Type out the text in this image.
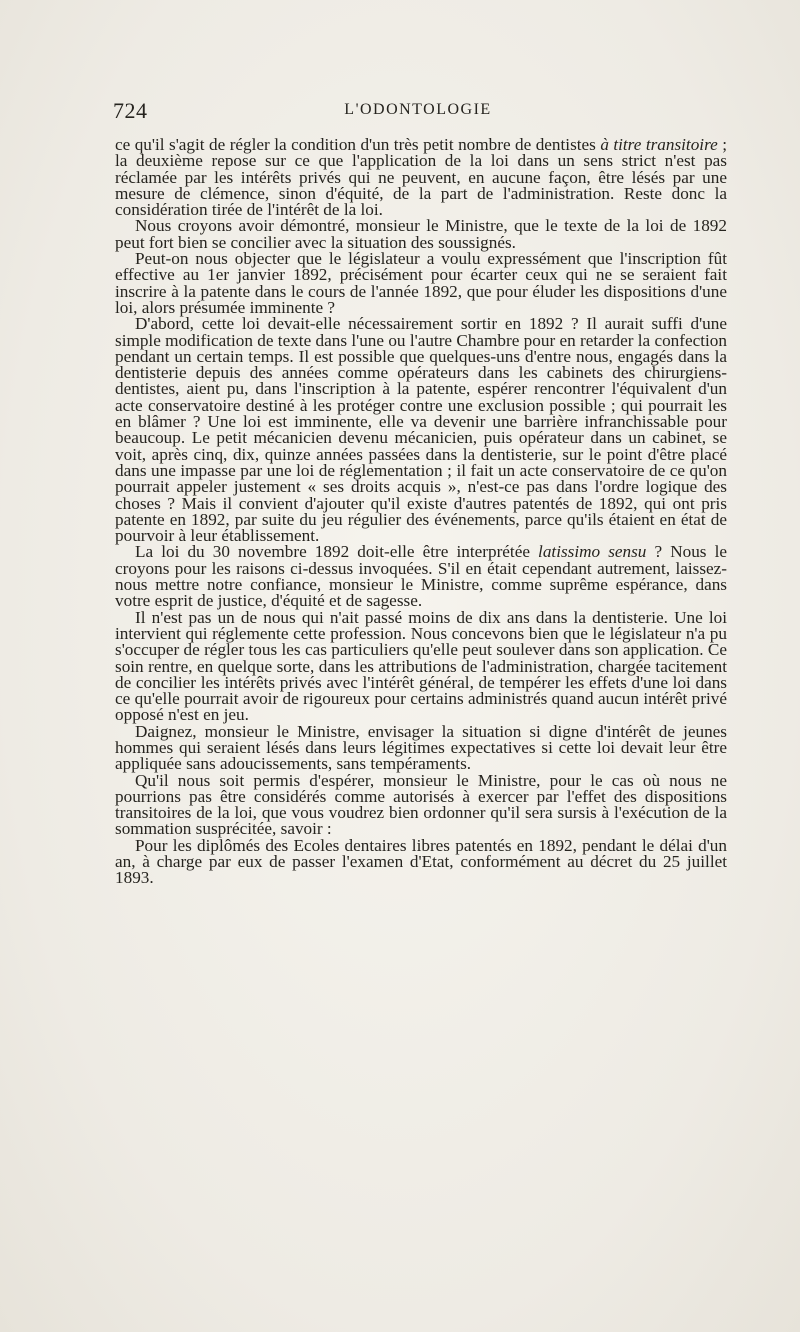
724	L'ODONTOLOGIE

ce qu'il s'agit de régler la condition d'un très petit nombre de dentistes à titre transitoire ; la deuxième repose sur ce que l'application de la loi dans un sens strict n'est pas réclamée par les intérêts privés qui ne peuvent, en aucune façon, être lésés par une mesure de clémence, sinon d'équité, de la part de l'administration. Reste donc la considération tirée de l'intérêt de la loi.

Nous croyons avoir démontré, monsieur le Ministre, que le texte de la loi de 1892 peut fort bien se concilier avec la situation des soussignés.

Peut-on nous objecter que le législateur a voulu expressément que l'inscription fût effective au 1er janvier 1892, précisément pour écarter ceux qui ne se seraient fait inscrire à la patente dans le cours de l'année 1892, que pour éluder les dispositions d'une loi, alors présumée imminente ?

D'abord, cette loi devait-elle nécessairement sortir en 1892 ? Il aurait suffi d'une simple modification de texte dans l'une ou l'autre Chambre pour en retarder la confection pendant un certain temps. Il est possible que quelques-uns d'entre nous, engagés dans la dentisterie depuis des années comme opérateurs dans les cabinets des chirurgiens-dentistes, aient pu, dans l'inscription à la patente, espérer rencontrer l'équivalent d'un acte conservatoire destiné à les protéger contre une exclusion possible ; qui pourrait les en blâmer ? Une loi est imminente, elle va devenir une barrière infranchissable pour beaucoup. Le petit mécanicien devenu mécanicien, puis opérateur dans un cabinet, se voit, après cinq, dix, quinze années passées dans la dentisterie, sur le point d'être placé dans une impasse par une loi de réglementation ; il fait un acte conservatoire de ce qu'on pourrait appeler justement « ses droits acquis », n'est-ce pas dans l'ordre logique des choses ? Mais il convient d'ajouter qu'il existe d'autres patentés de 1892, qui ont pris patente en 1892, par suite du jeu régulier des événements, parce qu'ils étaient en état de pourvoir à leur établissement.

La loi du 30 novembre 1892 doit-elle être interprétée latissimo sensu ? Nous le croyons pour les raisons ci-dessus invoquées. S'il en était cependant autrement, laissez-nous mettre notre confiance, monsieur le Ministre, comme suprême espérance, dans votre esprit de justice, d'équité et de sagesse.

Il n'est pas un de nous qui n'ait passé moins de dix ans dans la dentisterie. Une loi intervient qui réglemente cette profession. Nous concevons bien que le législateur n'a pu s'occuper de régler tous les cas particuliers qu'elle peut soulever dans son application. Ce soin rentre, en quelque sorte, dans les attributions de l'administration, chargée tacitement de concilier les intérêts privés avec l'intérêt général, de tempérer les effets d'une loi dans ce qu'elle pourrait avoir de rigoureux pour certains administrés quand aucun intérêt privé opposé n'est en jeu.

Daignez, monsieur le Ministre, envisager la situation si digne d'intérêt de jeunes hommes qui seraient lésés dans leurs légitimes expectatives si cette loi devait leur être appliquée sans adoucissements, sans tempéraments.

Qu'il nous soit permis d'espérer, monsieur le Ministre, pour le cas où nous ne pourrions pas être considérés comme autorisés à exercer par l'effet des dispositions transitoires de la loi, que vous voudrez bien ordonner qu'il sera sursis à l'exécution de la sommation susprécitée, savoir :

Pour les diplômés des Ecoles dentaires libres patentés en 1892, pendant le délai d'un an, à charge par eux de passer l'examen d'Etat, conformément au décret du 25 juillet 1893.
